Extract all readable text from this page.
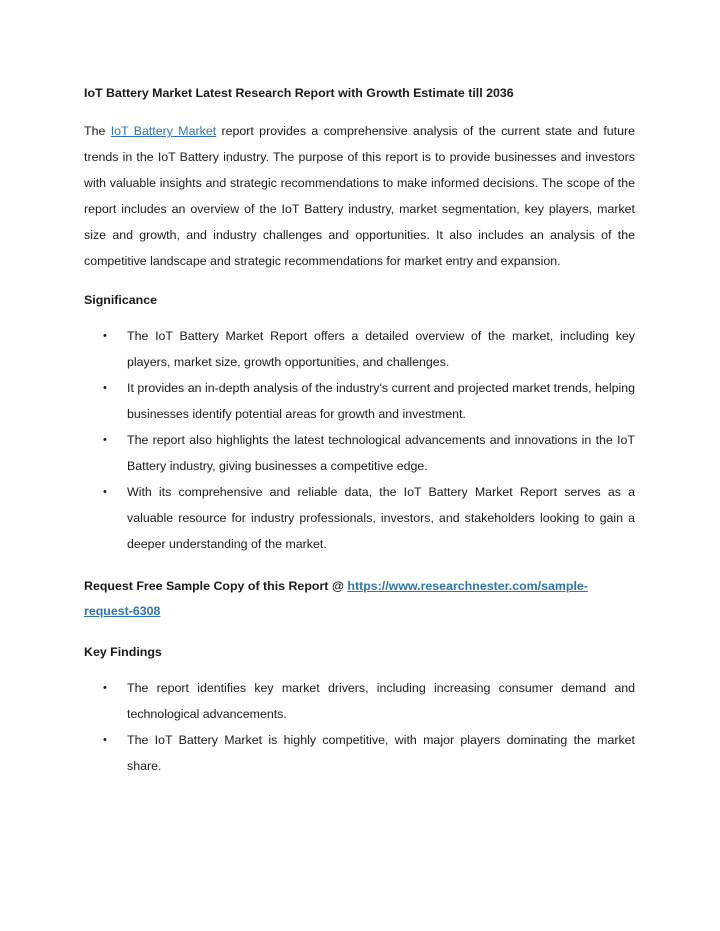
IoT Battery Market Latest Research Report with Growth Estimate till 2036
The IoT Battery Market report provides a comprehensive analysis of the current state and future trends in the IoT Battery industry. The purpose of this report is to provide businesses and investors with valuable insights and strategic recommendations to make informed decisions. The scope of the report includes an overview of the IoT Battery industry, market segmentation, key players, market size and growth, and industry challenges and opportunities. It also includes an analysis of the competitive landscape and strategic recommendations for market entry and expansion.
Significance
• The IoT Battery Market Report offers a detailed overview of the market, including key players, market size, growth opportunities, and challenges.
• It provides an in-depth analysis of the industry's current and projected market trends, helping businesses identify potential areas for growth and investment.
• The report also highlights the latest technological advancements and innovations in the IoT Battery industry, giving businesses a competitive edge.
• With its comprehensive and reliable data, the IoT Battery Market Report serves as a valuable resource for industry professionals, investors, and stakeholders looking to gain a deeper understanding of the market.
Request Free Sample Copy of this Report @ https://www.researchnester.com/sample-request-6308
Key Findings
• The report identifies key market drivers, including increasing consumer demand and technological advancements.
• The IoT Battery Market is highly competitive, with major players dominating the market share.
